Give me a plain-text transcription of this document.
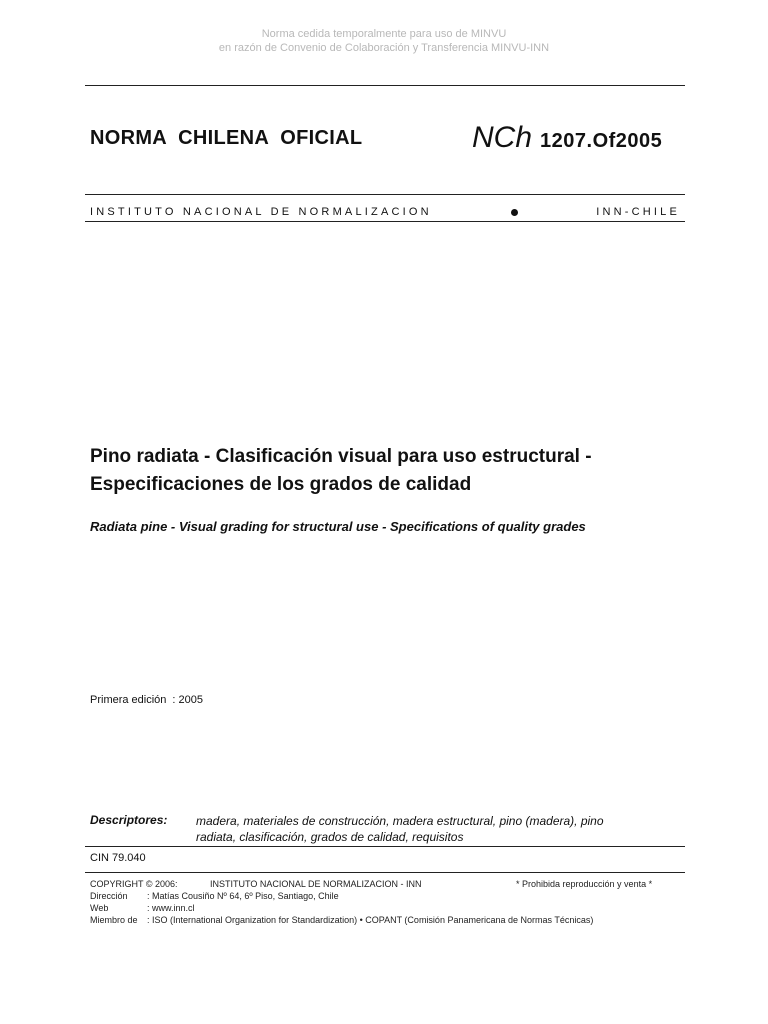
Norma cedida temporalmente para uso de MINVU
en razón de Convenio de Colaboración y Transferencia MINVU-INN
NORMA CHILENA OFICIAL	NCh 1207.Of2005
INSTITUTO NACIONAL DE NORMALIZACION	INN-CHILE
Pino radiata - Clasificación visual para uso estructural -
Especificaciones de los grados de calidad
Radiata pine - Visual grading for structural use - Specifications of quality grades
Primera edición : 2005
Descriptores: madera, materiales de construcción, madera estructural, pino (madera), pino
radiata, clasificación, grados de calidad, requisitos
CIN 79.040
COPYRIGHT © 2006:	INSTITUTO NACIONAL DE NORMALIZACION - INN	* Prohibida reproducción y venta *
Dirección : Matías Cousiño Nº 64, 6º Piso, Santiago, Chile
Web	: www.inn.cl
Miembro de : ISO (International Organization for Standardization) • COPANT (Comisión Panamericana de Normas Técnicas)
